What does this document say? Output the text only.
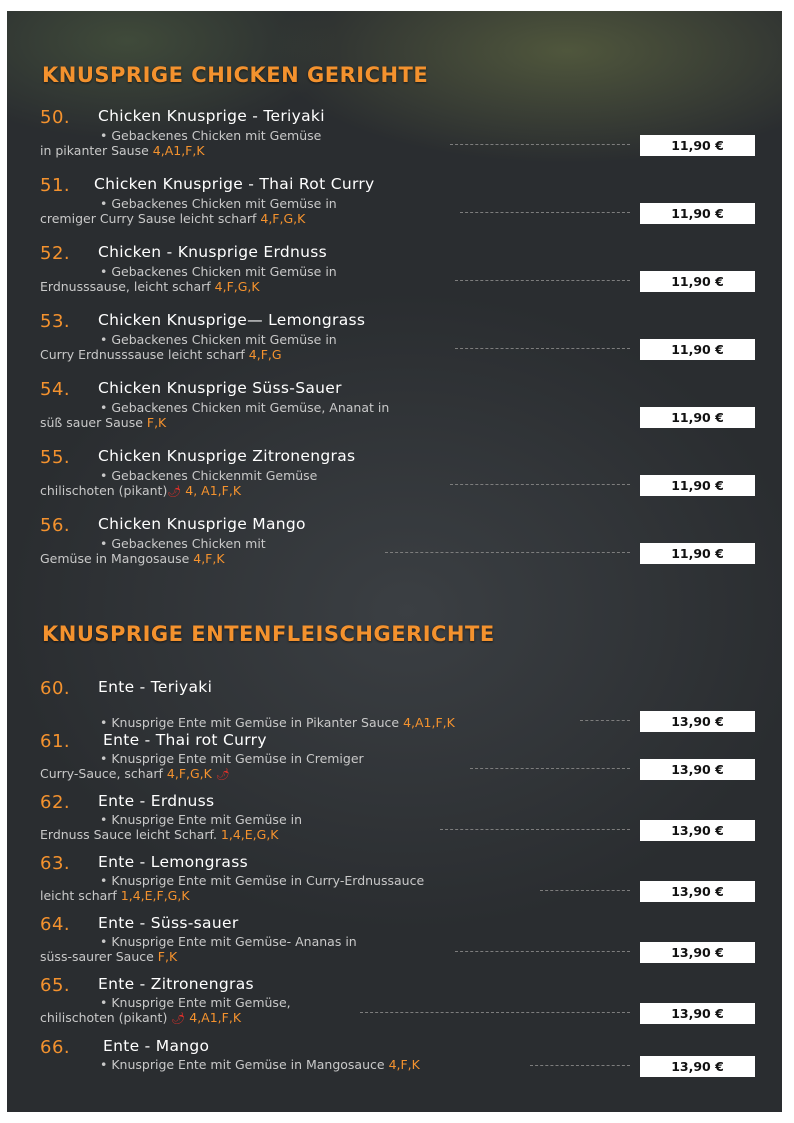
KNUSPRIGE CHICKEN GERICHTE
50. Chicken Knusprige - Teriyaki
• Gebackenes Chicken mit Gemüse
in pikanter Sause 4,A1,F,K	11,90 €
51. Chicken Knusprige - Thai Rot Curry
• Gebackenes Chicken mit Gemüse in
cremiger Curry Sause leicht scharf 4,F,G,K	11,90 €
52. Chicken - Knusprige Erdnuss
• Gebackenes Chicken mit Gemüse in
Erdnusssause, leicht scharf 4,F,G,K	11,90 €
53. Chicken Knusprige— Lemongrass
• Gebackenes Chicken mit Gemüse in
Curry Erdnusssause leicht scharf 4,F,G	11,90 €
54. Chicken Knusprige Süss-Sauer
• Gebackenes Chicken mit Gemüse, Ananat in
süß sauer Sause F,K	11,90 €
55. Chicken Knusprige Zitronengras
• Gebackenes Chickenmit Gemüse
chilischoten (pikant)🌶 4, A1,F,K	11,90 €
56. Chicken Knusprige Mango
• Gebackenes Chicken mit
Gemüse in Mangosause 4,F,K	11,90 €
KNUSPRIGE ENTENFLEISCHGERICHTE
60. Ente - Teriyaki
• Knusprige Ente mit Gemüse in Pikanter Sauce 4,A1,F,K	13,90 €
61. Ente - Thai rot Curry
• Knusprige Ente mit Gemüse in Cremiger
Curry-Sauce, scharf 4,F,G,K 🌶	13,90 €
62. Ente - Erdnuss
• Knusprige Ente mit Gemüse in
Erdnuss Sauce leicht Scharf. 1,4,E,G,K	13,90 €
63. Ente - Lemongrass
• Knusprige Ente mit Gemüse in Curry-Erdnussauce
leicht scharf 1,4,E,F,G,K	13,90 €
64. Ente - Süss-sauer
• Knusprige Ente mit Gemüse- Ananas in
süss-saurer Sauce F,K	13,90 €
65. Ente - Zitronengras
• Knusprige Ente mit Gemüse,
chilischoten (pikant) 🌶 4,A1,F,K	13,90 €
66. Ente - Mango
• Knusprige Ente mit Gemüse in Mangosauce 4,F,K	13,90 €
